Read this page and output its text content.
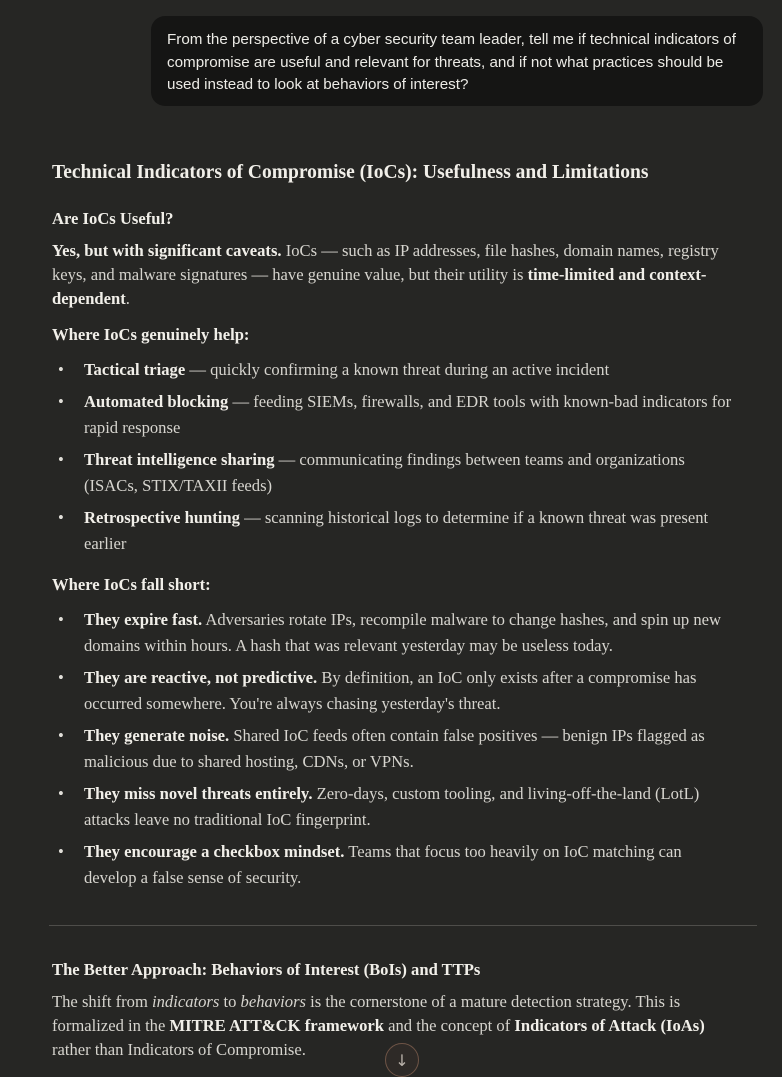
From the perspective of a cyber security team leader, tell me if technical indicators of compromise are useful and relevant for threats, and if not what practices should be used instead to look at behaviors of interest?
Technical Indicators of Compromise (IoCs): Usefulness and Limitations
Are IoCs Useful?

Yes, but with significant caveats. IoCs — such as IP addresses, file hashes, domain names, registry keys, and malware signatures — have genuine value, but their utility is time-limited and context-dependent.

Where IoCs genuinely help:
• Tactical triage — quickly confirming a known threat during an active incident
• Automated blocking — feeding SIEMs, firewalls, and EDR tools with known-bad indicators for rapid response
• Threat intelligence sharing — communicating findings between teams and organizations (ISACs, STIX/TAXII feeds)
• Retrospective hunting — scanning historical logs to determine if a known threat was present earlier
Where IoCs fall short:
• They expire fast. Adversaries rotate IPs, recompile malware to change hashes, and spin up new domains within hours. A hash that was relevant yesterday may be useless today.
• They are reactive, not predictive. By definition, an IoC only exists after a compromise has occurred somewhere. You're always chasing yesterday's threat.
• They generate noise. Shared IoC feeds often contain false positives — benign IPs flagged as malicious due to shared hosting, CDNs, or VPNs.
• They miss novel threats entirely. Zero-days, custom tooling, and living-off-the-land (LotL) attacks leave no traditional IoC fingerprint.
• They encourage a checkbox mindset. Teams that focus too heavily on IoC matching can develop a false sense of security.
The Better Approach: Behaviors of Interest (BoIs) and TTPs

The shift from indicators to behaviors is the cornerstone of a mature detection strategy. This is formalized in the MITRE ATT&CK framework and the concept of Indicators of Attack (IoAs) rather than Indicators of Compromise.

↓
